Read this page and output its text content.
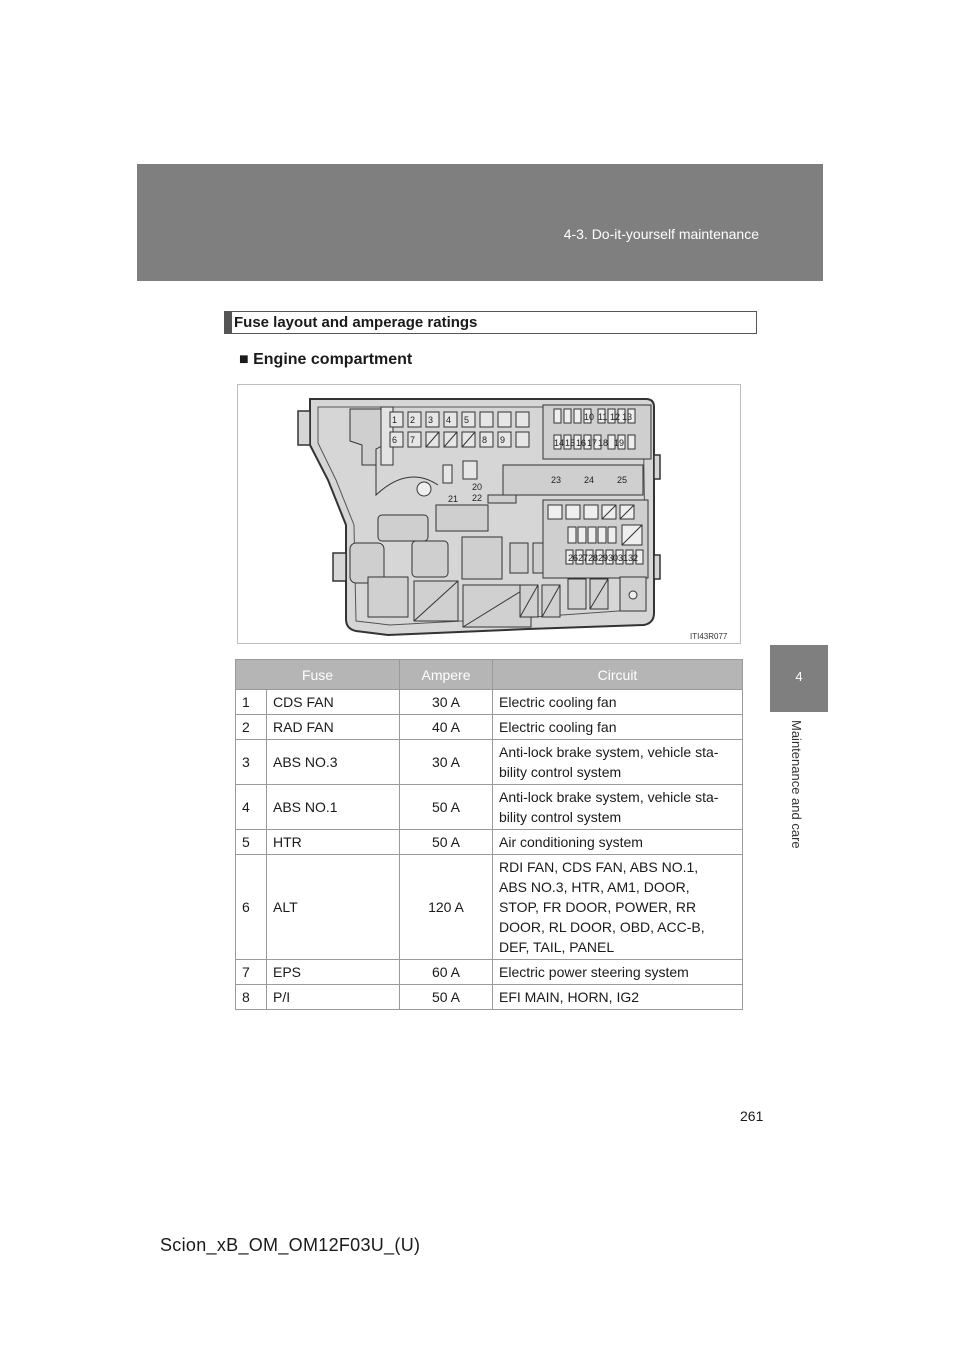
4-3. Do-it-yourself maintenance
4
Maintenance and care
Fuse layout and amperage ratings
■ Engine compartment
1 2 3 4 5
6 7	8 9
10 11 12 13
14 15 16 17 18 19
20
21 22
23	24	25
26 27 28 29 30 31 32
ITI43R077
Fuse		Ampere	Circuit
1	CDS FAN	30 A	Electric cooling fan

2	RAD FAN	40 A	Electric cooling fan

3	ABS NO.3	30 A	Anti-lock brake system, vehicle sta-
bility control system

4	ABS NO.1	50 A	Anti-lock brake system, vehicle sta-
bility control system

5	HTR	50 A	Air conditioning system

6	ALT	120 A	RDI FAN, CDS FAN, ABS NO.1,
ABS NO.3, HTR, AM1, DOOR,
STOP, FR DOOR, POWER, RR
DOOR, RL DOOR, OBD, ACC-B,
DEF, TAIL, PANEL

7	EPS	60 A	Electric power steering system

8	P/I	50 A	EFI MAIN, HORN, IG2
261
Scion_xB_OM_OM12F03U_(U)
